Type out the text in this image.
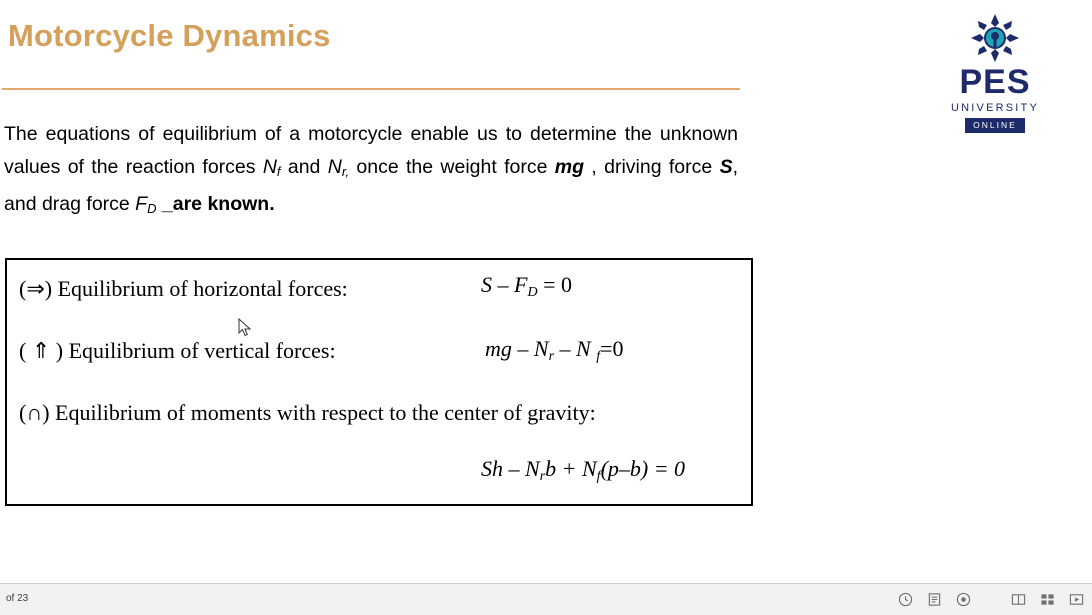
Motorcycle Dynamics
PES
UNIVERSITY
ONLINE
The equations of equilibrium of a motorcycle enable us to determine the unknown values of the reaction forces $N_f$ and $N_{r,}$ once the weight force mg , driving force S, and drag force $F_D$ _are known.
(⇒) Equilibrium of horizontal forces:	S – FD = 0
( ⇑ ) Equilibrium of vertical forces:	mg – Nr – N f=0
(∩) Equilibrium of moments with respect to the center of gravity:
Sh – Nrb + Nf(p–b) = 0
of 23
